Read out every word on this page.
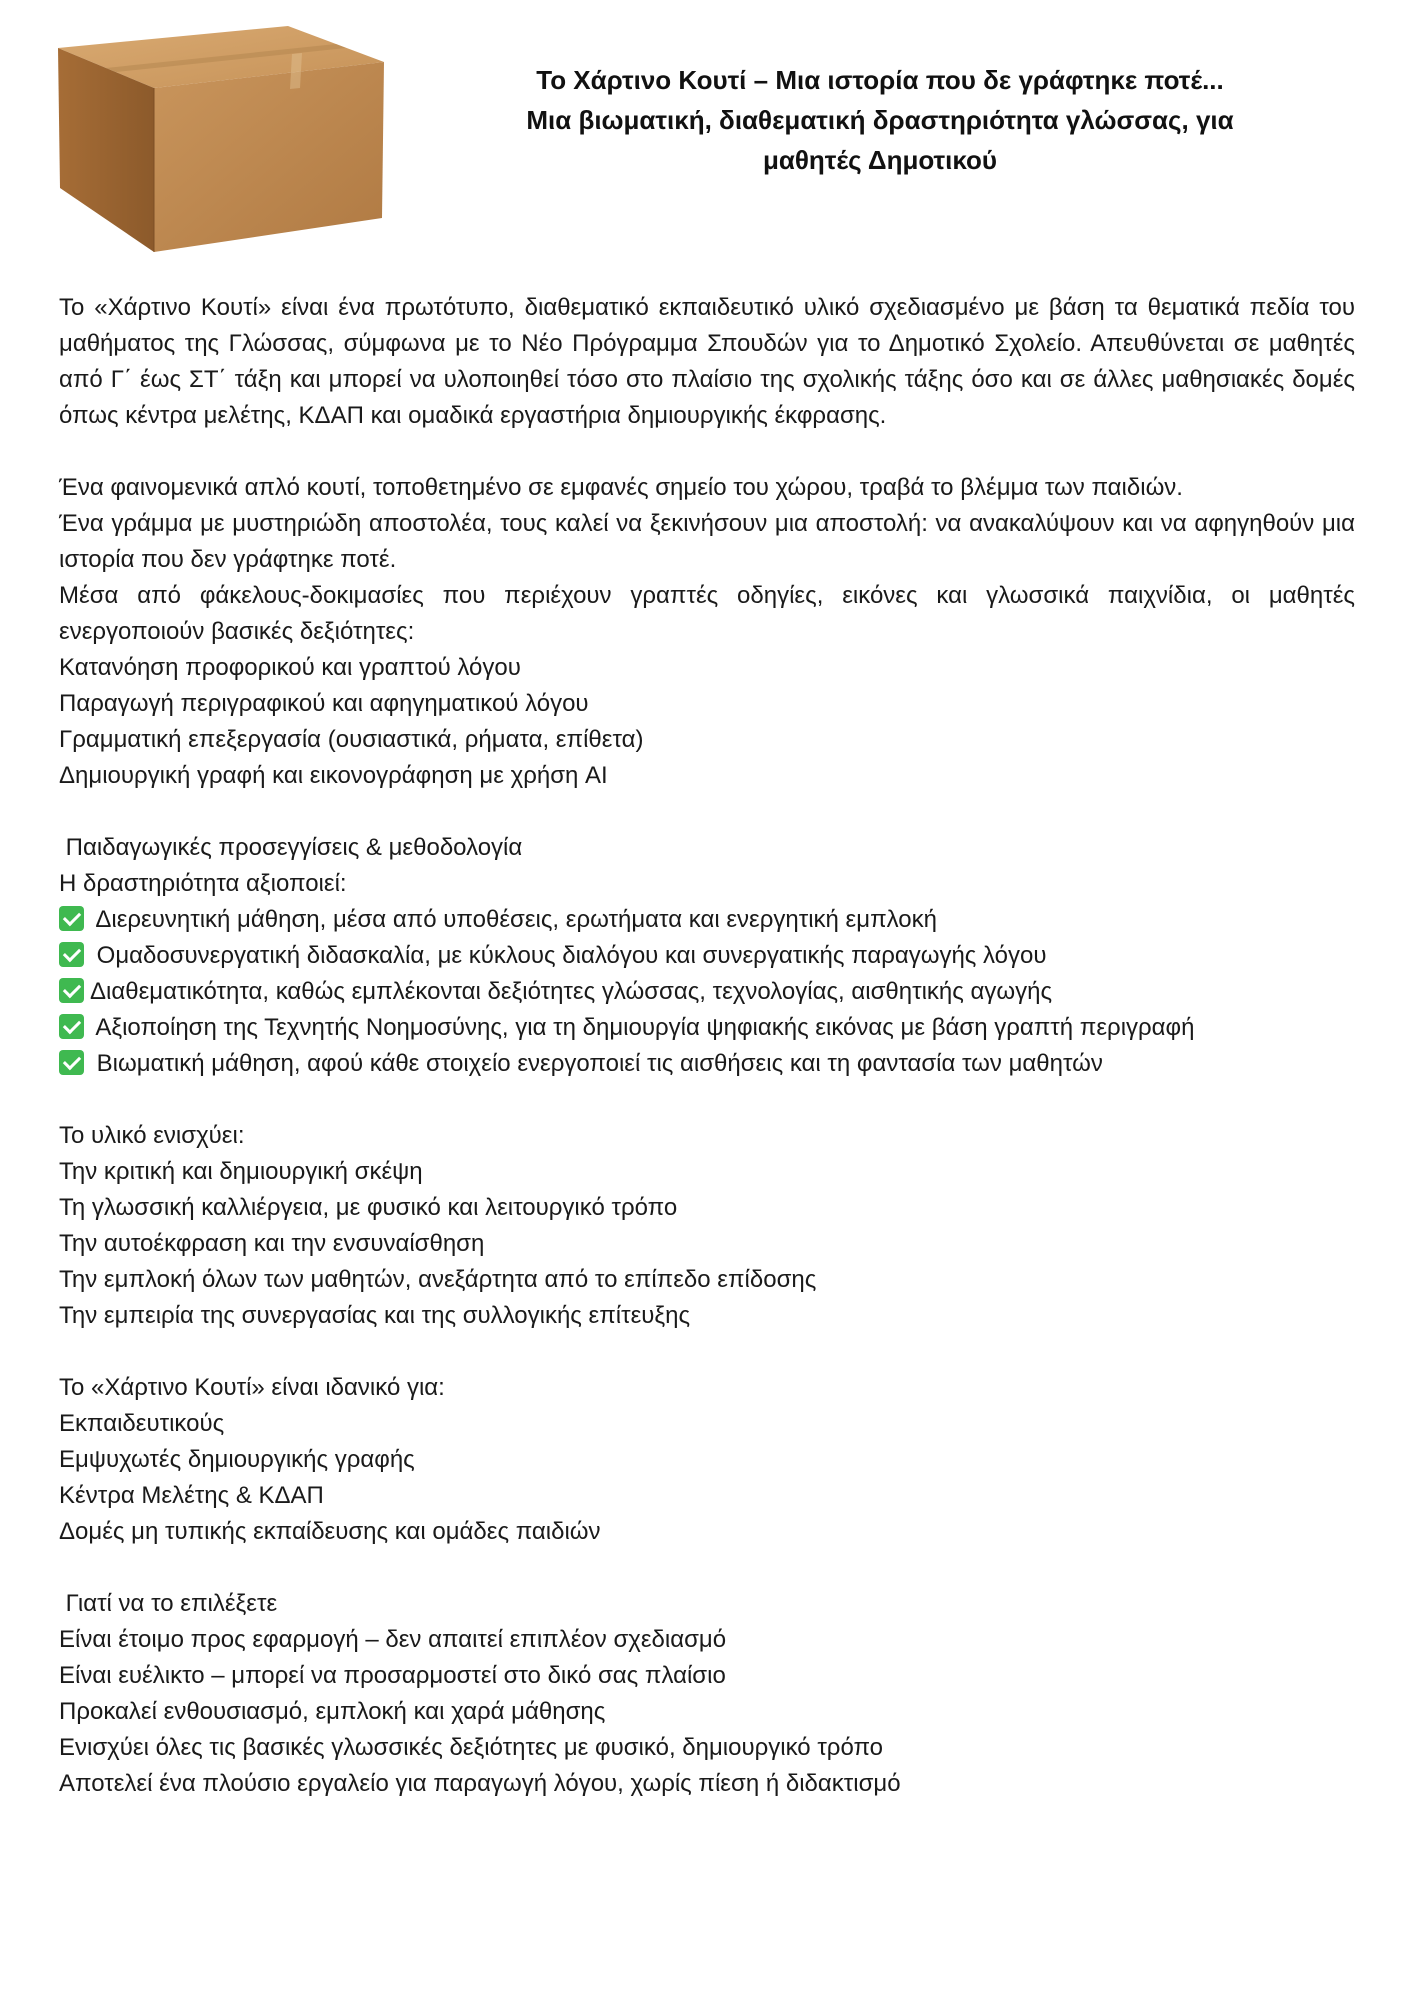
Το Χάρτινο Κουτί – Μια ιστορία που δε γράφτηκε ποτέ...
Μια βιωματική, διαθεματική δραστηριότητα γλώσσας, για
μαθητές Δημοτικού

Το «Χάρτινο Κουτί» είναι ένα πρωτότυπο, διαθεματικό εκπαιδευτικό υλικό σχεδιασμένο με βάση τα θεματικά πεδία του μαθήματος της Γλώσσας, σύμφωνα με το Νέο Πρόγραμμα Σπουδών για το Δημοτικό Σχολείο. Απευθύνεται σε μαθητές από Γ΄ έως ΣΤ΄ τάξη και μπορεί να υλοποιηθεί τόσο στο πλαίσιο της σχολικής τάξης όσο και σε άλλες μαθησιακές δομές όπως κέντρα μελέτης, ΚΔΑΠ και ομαδικά εργαστήρια δημιουργικής έκφρασης.

Ένα φαινομενικά απλό κουτί, τοποθετημένο σε εμφανές σημείο του χώρου, τραβά το βλέμμα των παιδιών.

Ένα γράμμα με μυστηριώδη αποστολέα, τους καλεί να ξεκινήσουν μια αποστολή: να ανακαλύψουν και να αφηγηθούν μια ιστορία που δεν γράφτηκε ποτέ.

Μέσα από φάκελους-δοκιμασίες που περιέχουν γραπτές οδηγίες, εικόνες και γλωσσικά παιχνίδια, οι μαθητές ενεργοποιούν βασικές δεξιότητες:

Κατανόηση προφορικού και γραπτού λόγου

Παραγωγή περιγραφικού και αφηγηματικού λόγου

Γραμματική επεξεργασία (ουσιαστικά, ρήματα, επίθετα)

Δημιουργική γραφή και εικονογράφηση με χρήση AI

Παιδαγωγικές προσεγγίσεις & μεθοδολογία

Η δραστηριότητα αξιοποιεί:

Διερευνητική μάθηση, μέσα από υποθέσεις, ερωτήματα και ενεργητική εμπλοκή

Ομαδοσυνεργατική διδασκαλία, με κύκλους διαλόγου και συνεργατικής παραγωγής λόγου

Διαθεματικότητα, καθώς εμπλέκονται δεξιότητες γλώσσας, τεχνολογίας, αισθητικής αγωγής

Αξιοποίηση της Τεχνητής Νοημοσύνης, για τη δημιουργία ψηφιακής εικόνας με βάση γραπτή περιγραφή

Βιωματική μάθηση, αφού κάθε στοιχείο ενεργοποιεί τις αισθήσεις και τη φαντασία των μαθητών

Το υλικό ενισχύει:

Την κριτική και δημιουργική σκέψη

Τη γλωσσική καλλιέργεια, με φυσικό και λειτουργικό τρόπο

Την αυτοέκφραση και την ενσυναίσθηση

Την εμπλοκή όλων των μαθητών, ανεξάρτητα από το επίπεδο επίδοσης

Την εμπειρία της συνεργασίας και της συλλογικής επίτευξης

Το «Χάρτινο Κουτί» είναι ιδανικό για:

Εκπαιδευτικούς

Εμψυχωτές δημιουργικής γραφής

Κέντρα Μελέτης & ΚΔΑΠ

Δομές μη τυπικής εκπαίδευσης και ομάδες παιδιών

Γιατί να το επιλέξετε

Είναι έτοιμο προς εφαρμογή – δεν απαιτεί επιπλέον σχεδιασμό

Είναι ευέλικτο – μπορεί να προσαρμοστεί στο δικό σας πλαίσιο

Προκαλεί ενθουσιασμό, εμπλοκή και χαρά μάθησης

Ενισχύει όλες τις βασικές γλωσσικές δεξιότητες με φυσικό, δημιουργικό τρόπο

Αποτελεί ένα πλούσιο εργαλείο για παραγωγή λόγου, χωρίς πίεση ή διδακτισμό
